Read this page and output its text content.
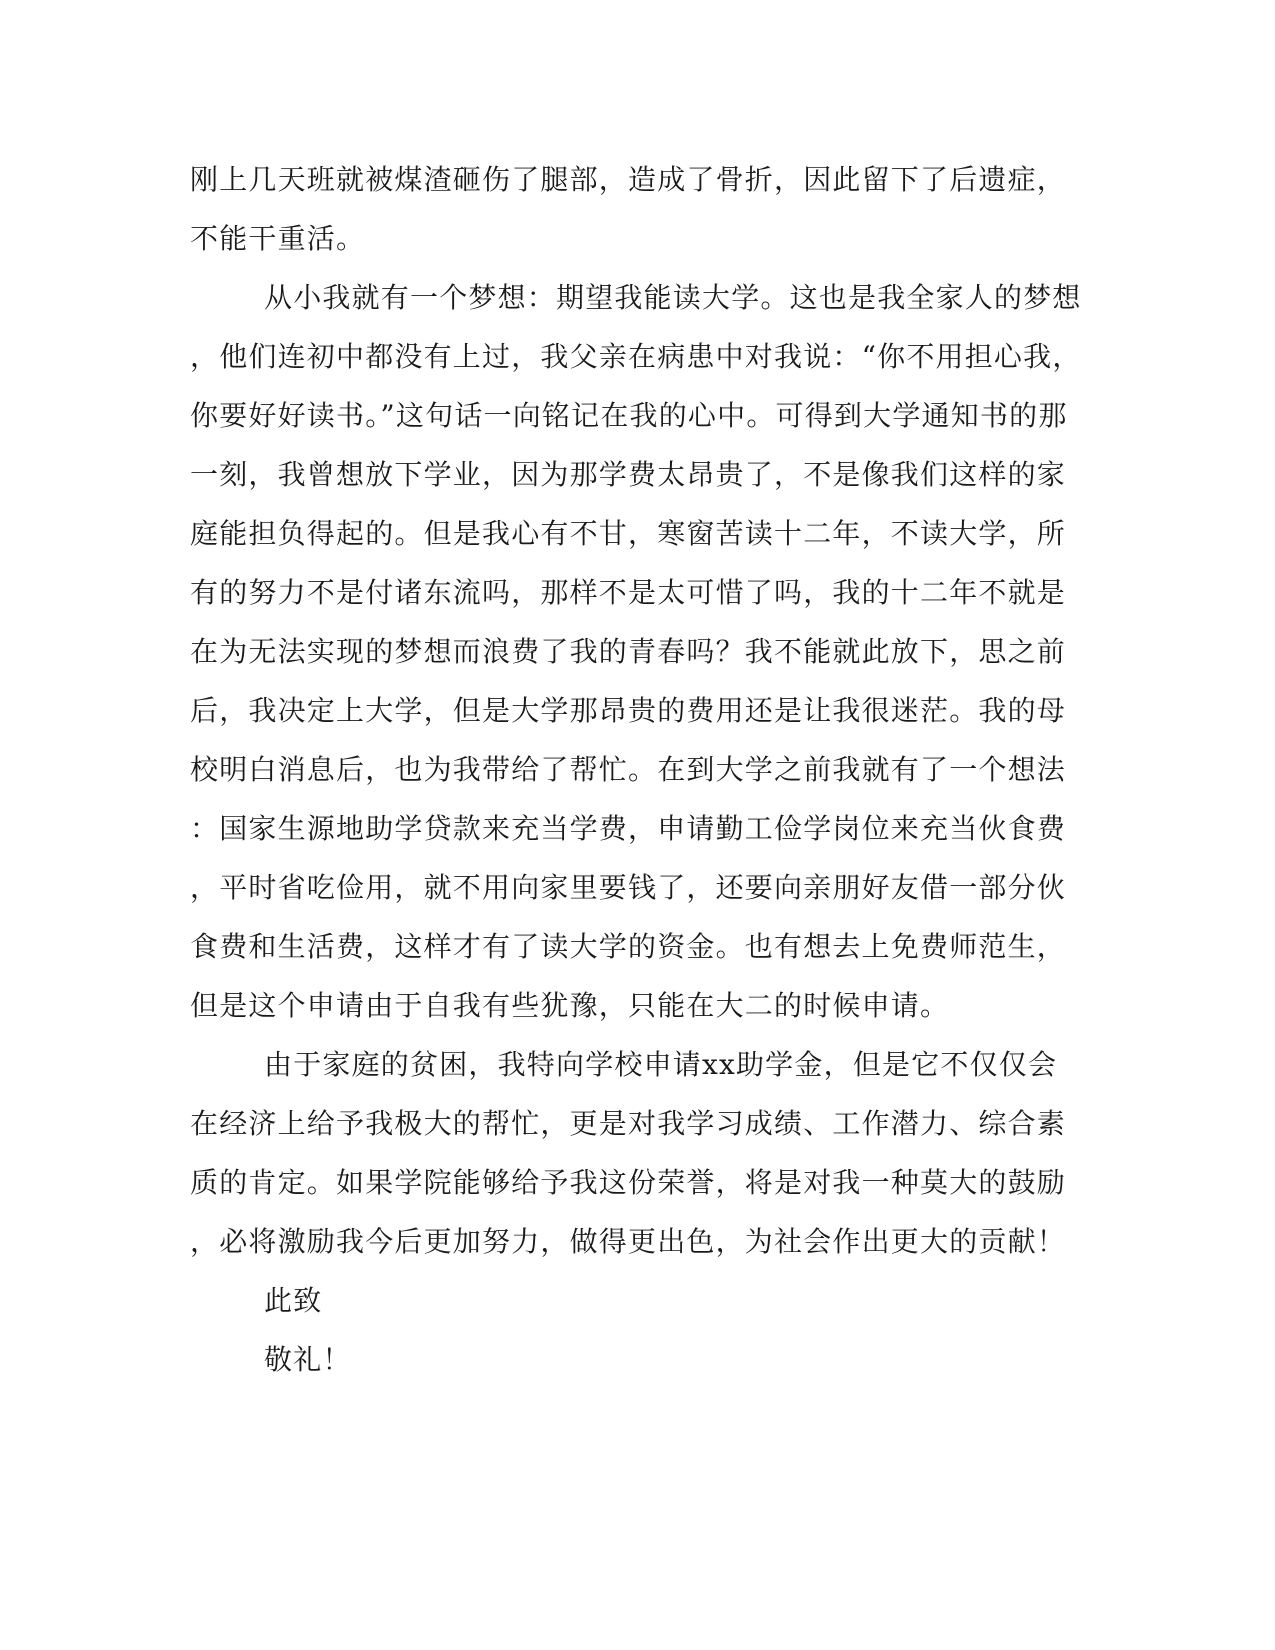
刚上几天班就被煤渣砸伤了腿部，造成了骨折，因此留下了后遗症，
不能干重活。
从小我就有一个梦想：期望我能读大学。这也是我全家人的梦想
，他们连初中都没有上过，我父亲在病患中对我说：“你不用担心我，
你要好好读书。”这句话一向铭记在我的心中。可得到大学通知书的那
一刻，我曾想放下学业，因为那学费太昂贵了，不是像我们这样的家
庭能担负得起的。但是我心有不甘，寒窗苦读十二年，不读大学，所
有的努力不是付诸东流吗，那样不是太可惜了吗，我的十二年不就是
在为无法实现的梦想而浪费了我的青春吗？我不能就此放下，思之前
后，我决定上大学，但是大学那昂贵的费用还是让我很迷茫。我的母
校明白消息后，也为我带给了帮忙。在到大学之前我就有了一个想法
：国家生源地助学贷款来充当学费，申请勤工俭学岗位来充当伙食费
，平时省吃俭用，就不用向家里要钱了，还要向亲朋好友借一部分伙
食费和生活费，这样才有了读大学的资金。也有想去上免费师范生，
但是这个申请由于自我有些犹豫，只能在大二的时候申请。
由于家庭的贫困，我特向学校申请xx助学金，但是它不仅仅会
在经济上给予我极大的帮忙，更是对我学习成绩、工作潜力、综合素
质的肯定。如果学院能够给予我这份荣誉，将是对我一种莫大的鼓励
，必将激励我今后更加努力，做得更出色，为社会作出更大的贡献！
此致
敬礼！
